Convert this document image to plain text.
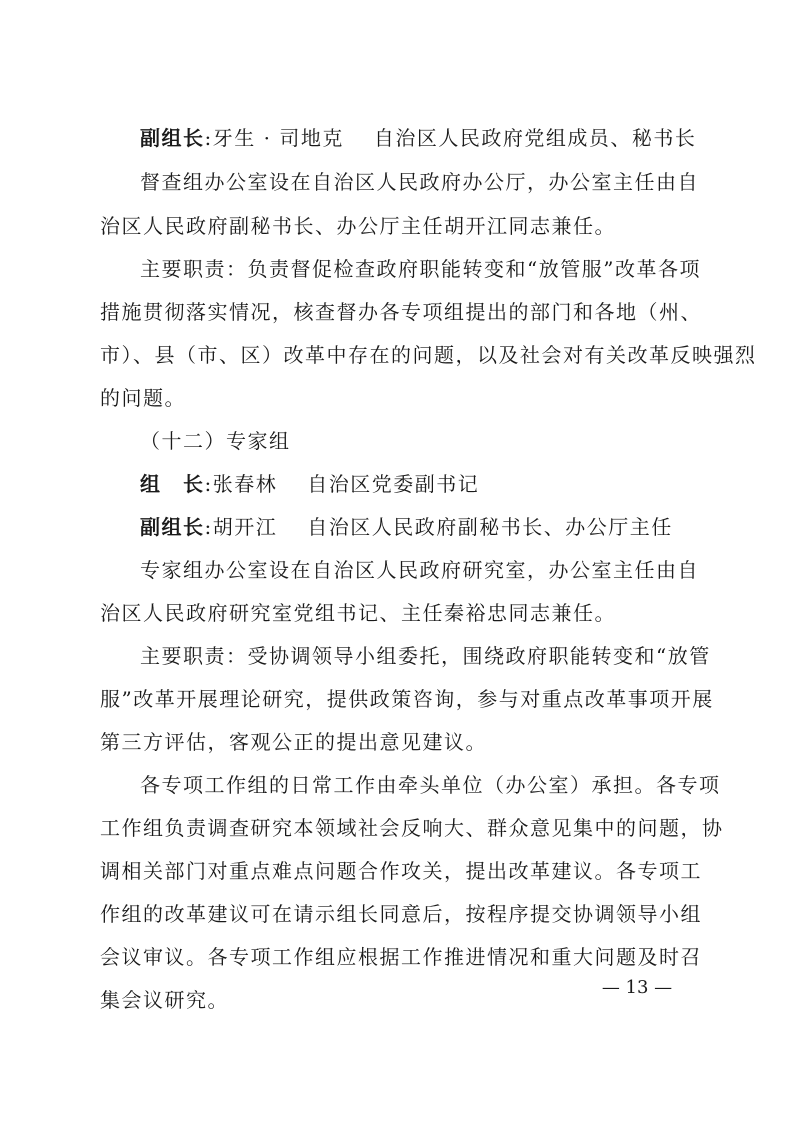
副组长:牙生 · 司地克 自治区人民政府党组成员、秘书长
督查组办公室设在自治区人民政府办公厅，办公室主任由自
治区人民政府副秘书长、办公厅主任胡开江同志兼任。
主要职责：负责督促检查政府职能转变和“放管服”改革各项
措施贯彻落实情况，核查督办各专项组提出的部门和各地（州、
市）、县（市、区）改革中存在的问题，以及社会对有关改革反映强烈
的问题。
（十二）专家组
组　长:张春林 自治区党委副书记
副组长:胡开江 自治区人民政府副秘书长、办公厅主任
专家组办公室设在自治区人民政府研究室，办公室主任由自
治区人民政府研究室党组书记、主任秦裕忠同志兼任。
主要职责：受协调领导小组委托，围绕政府职能转变和“放管
服”改革开展理论研究，提供政策咨询，参与对重点改革事项开展
第三方评估，客观公正的提出意见建议。
各专项工作组的日常工作由牵头单位（办公室）承担。各专项
工作组负责调查研究本领域社会反响大、群众意见集中的问题，协
调相关部门对重点难点问题合作攻关，提出改革建议。各专项工
作组的改革建议可在请示组长同意后，按程序提交协调领导小组
会议审议。各专项工作组应根据工作推进情况和重大问题及时召
集会议研究。
— 13 —
